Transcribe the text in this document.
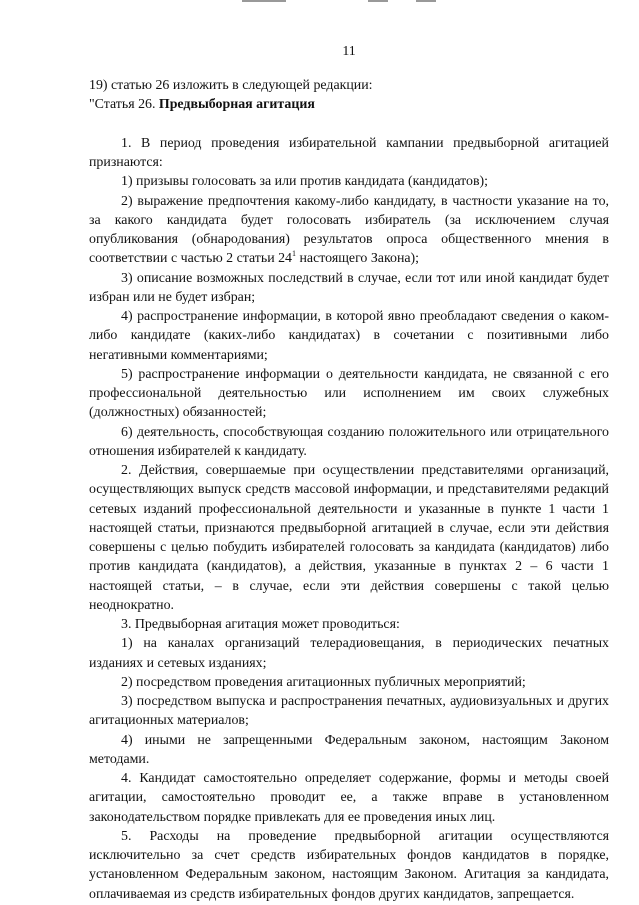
11

19) статью 26 изложить в следующей редакции:

"Статья 26. Предвыборная агитация

1. В период проведения избирательной кампании предвыборной агитацией признаются:

1) призывы голосовать за или против кандидата (кандидатов);

2) выражение предпочтения какому-либо кандидату, в частности указание на то, за какого кандидата будет голосовать избиратель (за исключением случая опубликования (обнародования) результатов опроса общественного мнения в соответствии с частью 2 статьи $24^1$ настоящего Закона);

3) описание возможных последствий в случае, если тот или иной кандидат будет избран или не будет избран;

4) распространение информации, в которой явно преобладают сведения о каком-либо кандидате (каких-либо кандидатах) в сочетании с позитивными либо негативными комментариями;

5) распространение информации о деятельности кандидата, не связанной с его профессиональной деятельностью или исполнением им своих служебных (должностных) обязанностей;

6) деятельность, способствующая созданию положительного или отрицательного отношения избирателей к кандидату.

2. Действия, совершаемые при осуществлении представителями организаций, осуществляющих выпуск средств массовой информации, и представителями редакций сетевых изданий профессиональной деятельности и указанные в пункте 1 части 1 настоящей статьи, признаются предвыборной агитацией в случае, если эти действия совершены с целью побудить избирателей голосовать за кандидата (кандидатов) либо против кандидата (кандидатов), а действия, указанные в пунктах 2 – 6 части 1 настоящей статьи, – в случае, если эти действия совершены с такой целью неоднократно.

3. Предвыборная агитация может проводиться:

1) на каналах организаций телерадиовещания, в периодических печатных изданиях и сетевых изданиях;

2) посредством проведения агитационных публичных мероприятий;

3) посредством выпуска и распространения печатных, аудиовизуальных и других агитационных материалов;

4) иными не запрещенными Федеральным законом, настоящим Законом методами.

4. Кандидат самостоятельно определяет содержание, формы и методы своей агитации, самостоятельно проводит ее, а также вправе в установленном законодательством порядке привлекать для ее проведения иных лиц.

5. Расходы на проведение предвыборной агитации осуществляются исключительно за счет средств избирательных фондов кандидатов в порядке, установленном Федеральным законом, настоящим Законом. Агитация за кандидата, оплачиваемая из средств избирательных фондов других кандидатов, запрещается.
